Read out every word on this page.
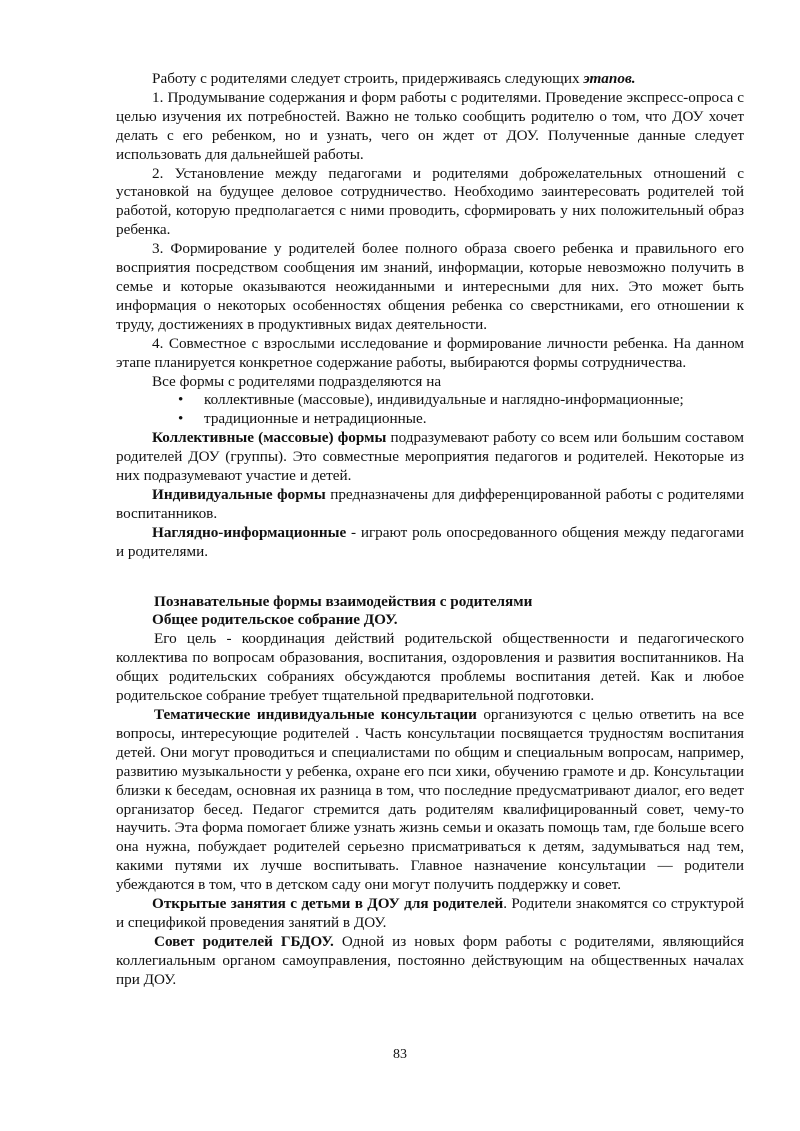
Работу с родителями следует строить, придерживаясь следующих этапов.

1. Продумывание содержания и форм работы с родителями. Проведение экспресс-опроса с целью изучения их потребностей. Важно не только сообщить родителю о том, что ДОУ хочет делать с его ребенком, но и узнать, чего он ждет от ДОУ. Полученные данные следует использовать для дальнейшей работы.

2. Установление между педагогами и родителями доброжелательных отношений с установкой на будущее деловое сотрудничество. Необходимо заинтересовать родителей той работой, которую предполагается с ними проводить, сформировать у них положительный образ ребенка.

3. Формирование у родителей более полного образа своего ребенка и правильного его восприятия посредством сообщения им знаний, информации, которые невозможно получить в семье и которые оказываются неожиданными и интересными для них. Это может быть информация о некоторых особенностях общения ребенка со сверстниками, его отношении к труду, достижениях в продуктивных видах деятельности.

4. Совместное с взрослыми исследование и формирование личности ребенка. На данном этапе планируется конкретное содержание работы, выбираются формы сотрудничества.

Все формы с родителями подразделяются на

• коллективные (массовые), индивидуальные и наглядно-информационные;
• традиционные и нетрадиционные.

Коллективные (массовые) формы подразумевают работу со всем или большим составом родителей ДОУ (группы). Это совместные мероприятия педагогов и родителей. Некоторые из них подразумевают участие и детей.

Индивидуальные формы предназначены для дифференцированной работы с родителями воспитанников.

Наглядно-информационные - играют роль опосредованного общения между педагогами и родителями.

Познавательные формы взаимодействия с родителями

Общее родительское собрание ДОУ.

Его цель - координация действий родительской общественности и педагогического коллектива по вопросам образования, воспитания, оздоровления и развития воспитанников. На общих родительских собраниях обсуждаются проблемы воспитания детей. Как и любое родительское собрание требует тщательной предварительной подготовки.

Тематические индивидуальные консультации организуются с целью ответить на все вопросы, интересующие родителей . Часть консультации посвящается трудностям воспитания детей. Они могут проводиться и специалистами по общим и специальным вопросам, например, развитию музыкальности у ребенка, охране его пси хики, обучению грамоте и др. Консультации близки к беседам, основная их разница в том, что последние предусматривают диалог, его ведет организатор бесед. Педагог стремится дать родителям квалифицированный совет, чему-то научить. Эта форма помогает ближе узнать жизнь семьи и оказать помощь там, где больше всего она нужна, побуждает родителей серьезно присматриваться к детям, задумываться над тем, какими путями их лучше воспитывать. Главное назначение консультации — родители убеждаются в том, что в детском саду они могут получить поддержку и совет.

Открытые занятия с детьми в ДОУ для родителей. Родители знакомятся со структурой и спецификой проведения занятий в ДОУ.

Совет родителей ГБДОУ. Одной из новых форм работы с родителями, являющийся коллегиальным органом самоуправления, постоянно действующим на общественных началах при ДОУ.

83
